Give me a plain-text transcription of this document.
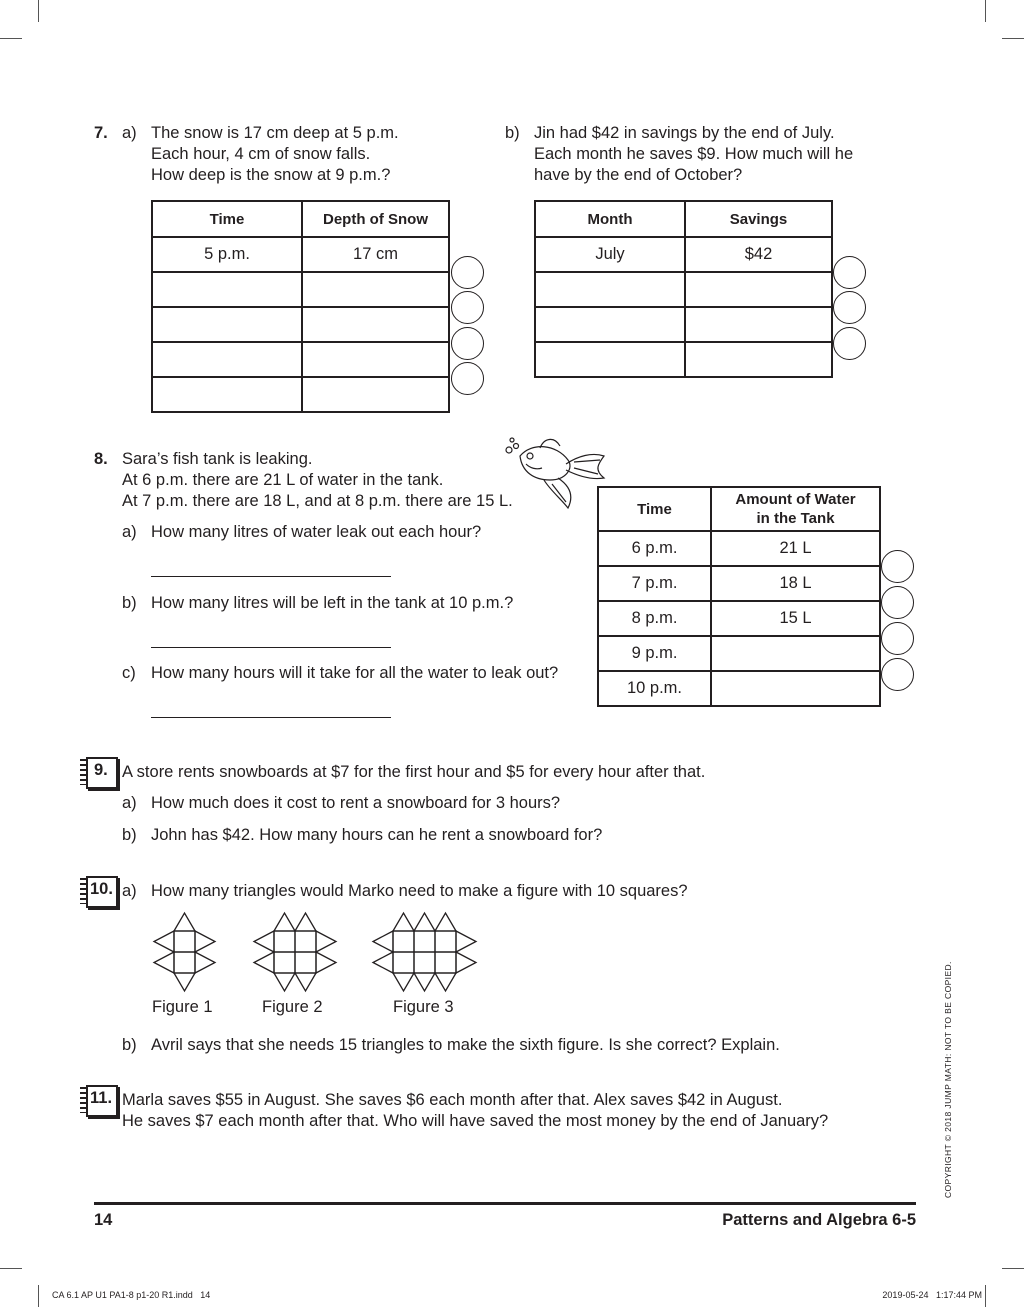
7. a) The snow is 17 cm deep at 5 p.m.
Each hour, 4 cm of snow falls.
How deep is the snow at 9 p.m.?
Time	Depth of Snow
5 p.m.	17 cm

b) Jin had $42 in savings by the end of July.
Each month he saves $9. How much will he
have by the end of October?
Month	Savings
July	$42

8. Sara’s fish tank is leaking.
At 6 p.m. there are 21 L of water in the tank.
At 7 p.m. there are 18 L, and at 8 p.m. there are 15 L.
a) How many litres of water leak out each hour?
b) How many litres will be left in the tank at 10 p.m.?
c) How many hours will it take for all the water to leak out?
Time	Amount of Water
in the Tank
6 p.m.	21 L
7 p.m.	18 L
8 p.m.	15 L
9 p.m.	
10 p.m.	
9. A store rents snowboards at $7 for the first hour and $5 for every hour after that.
a) How much does it cost to rent a snowboard for 3 hours?
b) John has $42. How many hours can he rent a snowboard for?
10. a) How many triangles would Marko need to make a figure with 10 squares?
Figure 1	Figure 2	Figure 3
b) Avril says that she needs 15 triangles to make the sixth figure. Is she correct? Explain.
11. Marla saves $55 in August. She saves $6 each month after that. Alex saves $42 in August.
He saves $7 each month after that. Who will have saved the most money by the end of January?	COPYRIGHT © 2018 JUMP MATH: NOT TO BE COPIED.
14	Patterns and Algebra 6-5
CA 6.1 AP U1 PA1-8 p1-20 R1.indd   14	2019-05-24   1:17:44 PM
